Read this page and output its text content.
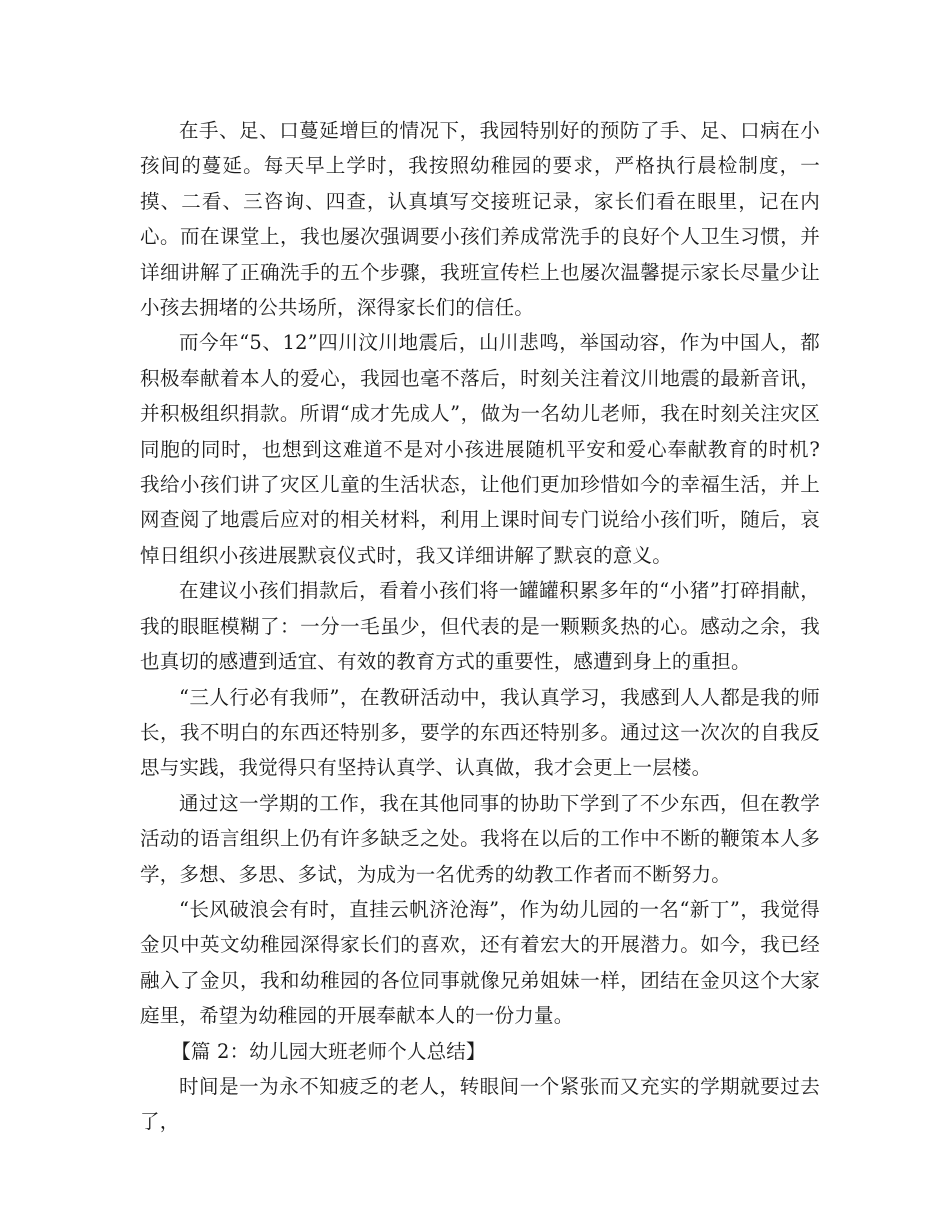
在手、足、口蔓延增巨的情况下，我园特别好的预防了手、足、口病在小孩间的蔓延。每天早上学时，我按照幼稚园的要求，严格执行晨检制度，一摸、二看、三咨询、四查，认真填写交接班记录，家长们看在眼里，记在内心。而在课堂上，我也屡次强调要小孩们养成常洗手的良好个人卫生习惯，并详细讲解了正确洗手的五个步骤，我班宣传栏上也屡次温馨提示家长尽量少让小孩去拥堵的公共场所，深得家长们的信任。

而今年“5、12”四川汶川地震后，山川悲鸣，举国动容，作为中国人，都积极奉献着本人的爱心，我园也毫不落后，时刻关注着汶川地震的最新音讯，并积极组织捐款。所谓“成才先成人”，做为一名幼儿老师，我在时刻关注灾区同胞的同时，也想到这难道不是对小孩进展随机平安和爱心奉献教育的时机?我给小孩们讲了灾区儿童的生活状态，让他们更加珍惜如今的幸福生活，并上网查阅了地震后应对的相关材料，利用上课时间专门说给小孩们听，随后，哀悼日组织小孩进展默哀仪式时，我又详细讲解了默哀的意义。

在建议小孩们捐款后，看着小孩们将一罐罐积累多年的“小猪”打碎捐献，我的眼眶模糊了：一分一毛虽少，但代表的是一颗颗炙热的心。感动之余，我也真切的感遭到适宜、有效的教育方式的重要性，感遭到身上的重担。

“三人行必有我师”，在教研活动中，我认真学习，我感到人人都是我的师长，我不明白的东西还特别多，要学的东西还特别多。通过这一次次的自我反思与实践，我觉得只有坚持认真学、认真做，我才会更上一层楼。

通过这一学期的工作，我在其他同事的协助下学到了不少东西，但在教学活动的语言组织上仍有许多缺乏之处。我将在以后的工作中不断的鞭策本人多学，多想、多思、多试，为成为一名优秀的幼教工作者而不断努力。

“长风破浪会有时，直挂云帆济沧海”，作为幼儿园的一名“新丁”，我觉得金贝中英文幼稚园深得家长们的喜欢，还有着宏大的开展潜力。如今，我已经融入了金贝，我和幼稚园的各位同事就像兄弟姐妹一样，团结在金贝这个大家庭里，希望为幼稚园的开展奉献本人的一份力量。

【篇 2：幼儿园大班老师个人总结】

时间是一为永不知疲乏的老人，转眼间一个紧张而又充实的学期就要过去了，
